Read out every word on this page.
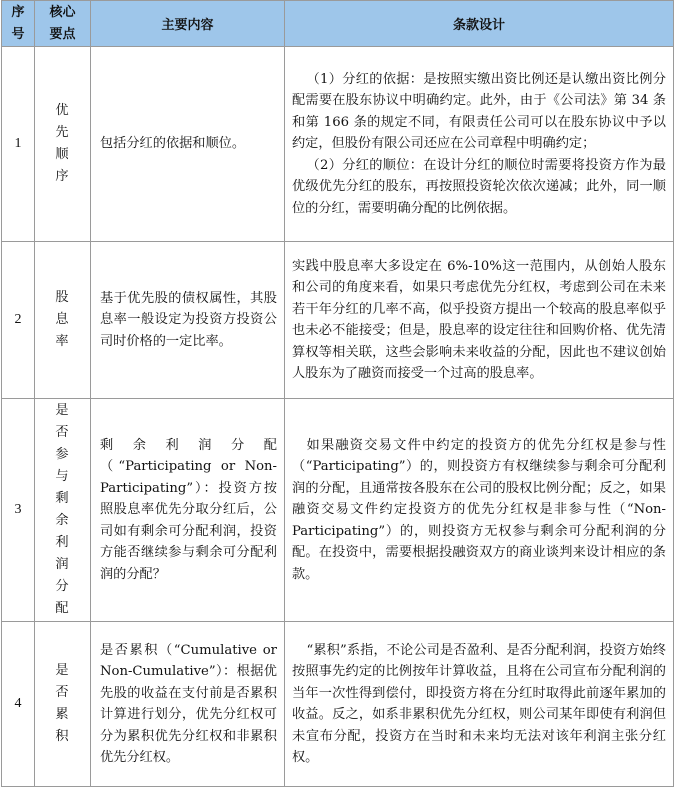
序号	核心要点	主要内容	条款设计
1	优先顺序	包括分红的依据和顺位。	（1）分红的依据：是按照实缴出资比例还是认缴出资比例分配需要在股东协议中明确约定。此外，由于《公司法》第 34 条和第 166 条的规定不同，有限责任公司可以在股东协议中予以约定，但股份有限公司还应在公司章程中明确约定；

（2）分红的顺位：在设计分红的顺位时需要将投资方作为最优级优先分红的股东，再按照投资轮次依次递减；此外，同一顺位的分红，需要明确分配的比例依据。

2	股息率	基于优先股的债权属性，其股息率一般设定为投资方投资公司时价格的一定比率。	实践中股息率大多设定在 6%-10%这一范围内，从创始人股东和公司的角度来看，如果只考虑优先分红权，考虑到公司在未来若干年分红的几率不高，似乎投资方提出一个较高的股息率似乎也未必不能接受；但是，股息率的设定往往和回购价格、优先清算权等相关联，这些会影响未来收益的分配，因此也不建议创始人股东为了融资而接受一个过高的股息率。

3	是否参与剩余利润分配	剩余利润分配（“Participating or Non-Participating”）：投资方按照股息率优先分取分红后，公司如有剩余可分配利润，投资方能否继续参与剩余可分配利润的分配？	如果融资交易文件中约定的投资方的优先分红权是参与性（“Participating”）的，则投资方有权继续参与剩余可分配利润的分配，且通常按各股东在公司的股权比例分配；反之，如果融资交易文件约定投资方的优先分红权是非参与性（“Non-Participating”）的，则投资方无权参与剩余可分配利润的分配。在投资中，需要根据投融资双方的商业谈判来设计相应的条款。

4	是否累积	是否累积（“Cumulative or Non-Cumulative”）：根据优先股的收益在支付前是否累积计算进行划分，优先分红权可分为累积优先分红权和非累积优先分红权。	“累积”系指，不论公司是否盈利、是否分配利润，投资方始终按照事先约定的比例按年计算收益，且将在公司宣布分配利润的当年一次性得到偿付，即投资方将在分红时取得此前逐年累加的收益。反之，如系非累积优先分红权，则公司某年即使有利润但未宣布分配，投资方在当时和未来均无法对该年利润主张分红权。
